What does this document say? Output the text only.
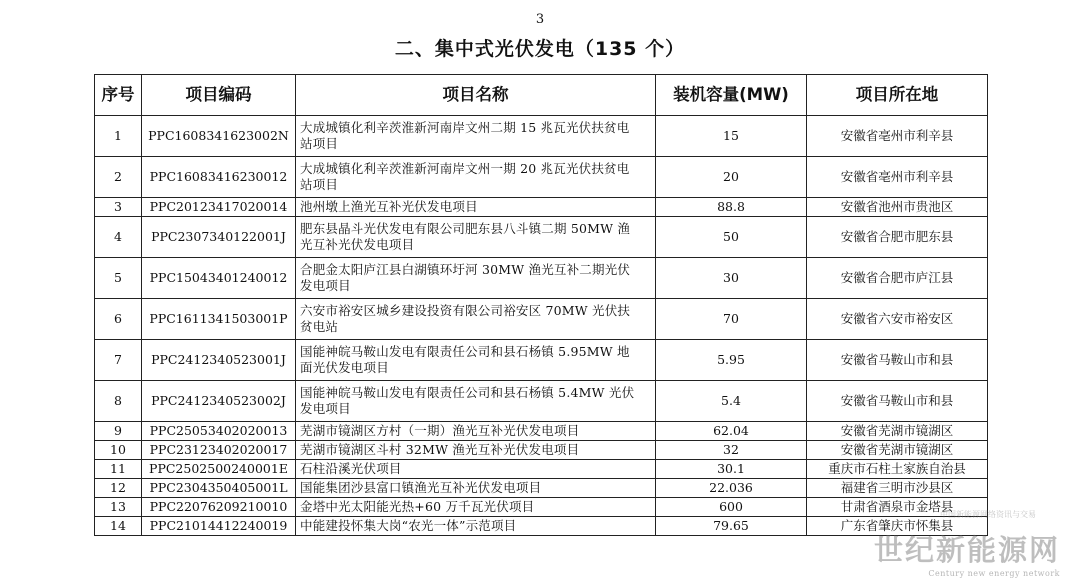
3
二、集中式光伏发电（135 个）
序号	项目编码	项目名称	装机容量(MW)	项目所在地
1	PPC1608341623002N	大成城镇化利辛茨淮新河南岸文州二期 15 兆瓦光伏扶贫电
站项目	15	安徽省亳州市利辛县
2	PPC16083416230012	大成城镇化利辛茨淮新河南岸文州一期 20 兆瓦光伏扶贫电
站项目	20	安徽省亳州市利辛县
3	PPC20123417020014	池州墩上渔光互补光伏发电项目	88.8	安徽省池州市贵池区
4	PPC2307340122001J	肥东县晶斗光伏发电有限公司肥东县八斗镇二期 50MW 渔
光互补光伏发电项目	50	安徽省合肥市肥东县
5	PPC15043401240012	合肥金太阳庐江县白湖镇环圩河 30MW 渔光互补二期光伏
发电项目	30	安徽省合肥市庐江县
6	PPC1611341503001P	六安市裕安区城乡建设投资有限公司裕安区 70MW 光伏扶
贫电站	70	安徽省六安市裕安区
7	PPC2412340523001J	国能神皖马鞍山发电有限责任公司和县石杨镇 5.95MW 地
面光伏发电项目	5.95	安徽省马鞍山市和县
8	PPC2412340523002J	国能神皖马鞍山发电有限责任公司和县石杨镇 5.4MW 光伏
发电项目	5.4	安徽省马鞍山市和县
9	PPC25053402020013	芜湖市镜湖区方村（一期）渔光互补光伏发电项目	62.04	安徽省芜湖市镜湖区
10	PPC23123402020017	芜湖市镜湖区斗村 32MW 渔光互补光伏发电项目	32	安徽省芜湖市镜湖区
11	PPC2502500240001E	石柱沿溪光伏项目	30.1	重庆市石柱土家族自治县
12	PPC2304350405001L	国能集团沙县富口镇渔光互补光伏发电项目	22.036	福建省三明市沙县区
13	PPC22076209210010	金塔中光太阳能光热+60 万千瓦光伏项目	600	甘肃省酒泉市金塔县
14	PPC21014412240019	中能建投怀集大岗“农光一体”示范项目	79.65	广东省肇庆市怀集县
中国新能源网络资讯与交易
世纪新能源网
Century new energy network
